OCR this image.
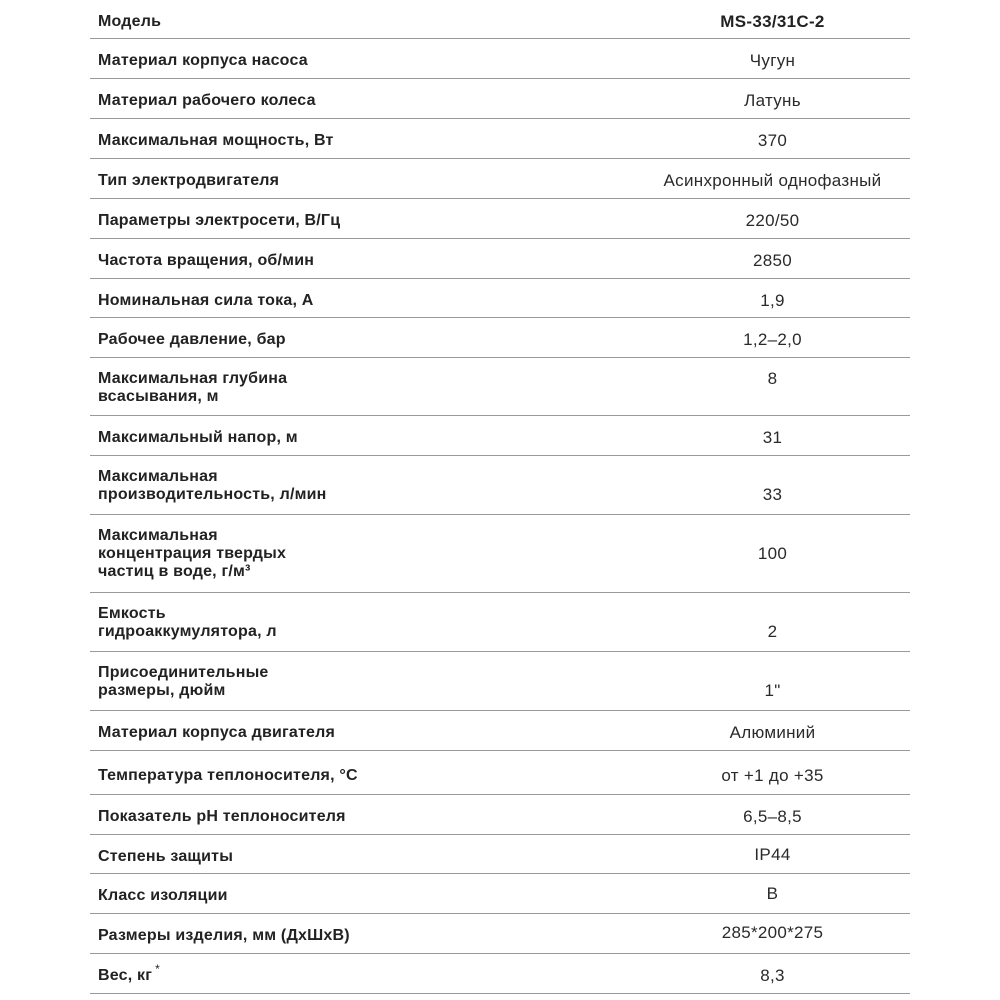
Модель	MS-33/31C-2

Материал корпуса насоса	Чугун

Материал рабочего колеса	Латунь

Максимальная мощность, Вт	370

Тип электродвигателя	Асинхронный однофазный

Параметры электросети, В/Гц	220/50

Частота вращения, об/мин	2850

Номинальная сила тока, А	1,9

Рабочее давление, бар	1,2–2,0

Максимальная глубина
всасывания, м	8

Максимальный напор, м	31

Максимальная
производительность, л/мин	33

Максимальная
концентрация твердых
частиц в воде, г/м³	100

Емкость
гидроаккумулятора, л	2

Присоединительные
размеры, дюйм	1"

Материал корпуса двигателя	Алюминий

Температура теплоносителя, °С	от +1 до +35

Показатель pH теплоносителя	6,5–8,5

Степень защиты	IP44

Класс изоляции	B

Размеры изделия, мм (ДхШхВ)	285*200*275

Вес, кг *	8,3
